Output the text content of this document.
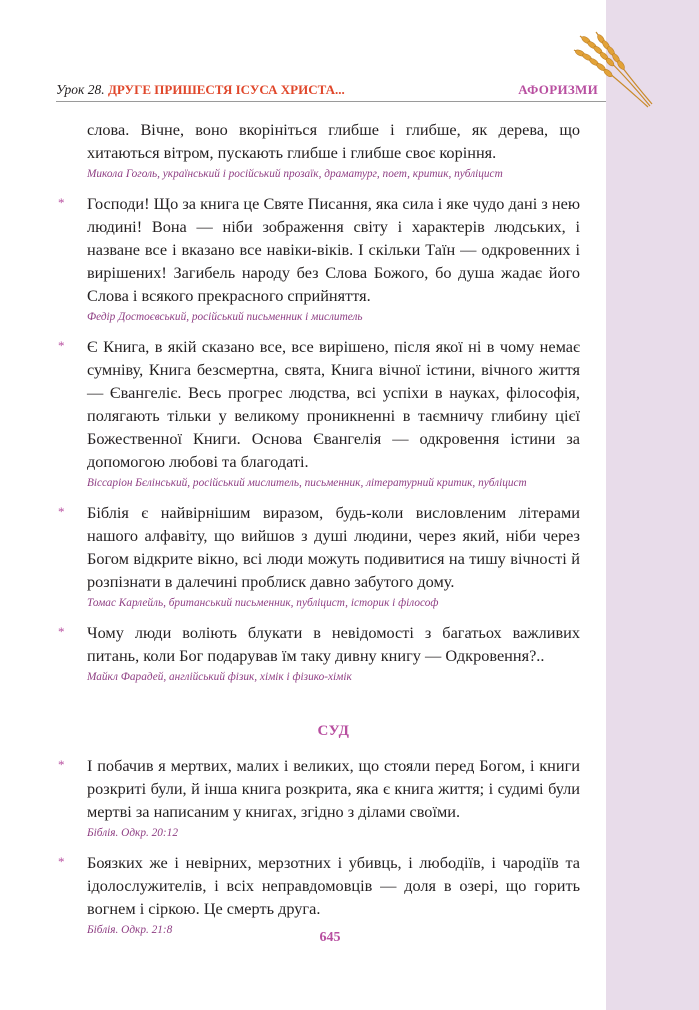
Урок 28. ДРУГЕ ПРИШЕСТЯ ІСУСА ХРИСТА...	АФОРИЗМИ

слова. Вічне, воно вкорініться глибше і глибше, як дерева, що хитаються вітром, пускають глибше і глибше своє коріння.

Микола Гоголь, український і російський прозаїк, драматург, поет, критик, публіцист

* Господи! Що за книга це Святе Писання, яка сила і яке чудо дані з нею людині! Вона — ніби зображення світу і характерів людських, і назване все і вказано все навіки-віків. І скільки Таїн — одкровенних і вирішених! Загибель народу без Слова Божого, бо душа жадає його Слова і всякого прекрасного сприйняття.

Федір Достоєвський, російський письменник і мислитель

* Є Книга, в якій сказано все, все вирішено, після якої ні в чому немає сумніву, Книга безсмертна, свята, Книга вічної істини, вічного життя — Євангеліє. Весь прогрес людства, всі успіхи в науках, філософія, полягають тільки у великому проникненні в таємничу глибину цієї Божественної Книги. Основа Євангелія — одкровення істини за допомогою любові та благодаті.

Віссаріон Бєлінський, російський мислитель, письменник, літературний критик, публіцист

* Біблія є найвірнішим виразом, будь-коли висловленим літерами нашого алфавіту, що вийшов з душі людини, через який, ніби через Богом відкрите вікно, всі люди можуть подивитися на тишу вічності й розпізнати в далечині проблиск давно забутого дому.

Томас Карлейль, британський письменник, публіцист, історик і філософ

* Чому люди воліють блукати в невідомості з багатьох важливих питань, коли Бог подарував їм таку дивну книгу — Одкровення?..

Майкл Фарадей, англійський фізик, хімік і фізико-хімік

СУД
* І побачив я мертвих, малих і великих, що стояли перед Богом, і книги розкриті були, й інша книга розкрита, яка є книга життя; і судимі були мертві за написаним у книгах, згідно з ділами своїми.

Біблія. Одкр. 20:12

* Боязких же і невірних, мерзотних і убивць, і любодіїв, і чародіїв та ідолослужителів, і всіх неправдомовців — доля в озері, що горить вогнем і сіркою. Це смерть друга.

Біблія. Одкр. 21:8	645
